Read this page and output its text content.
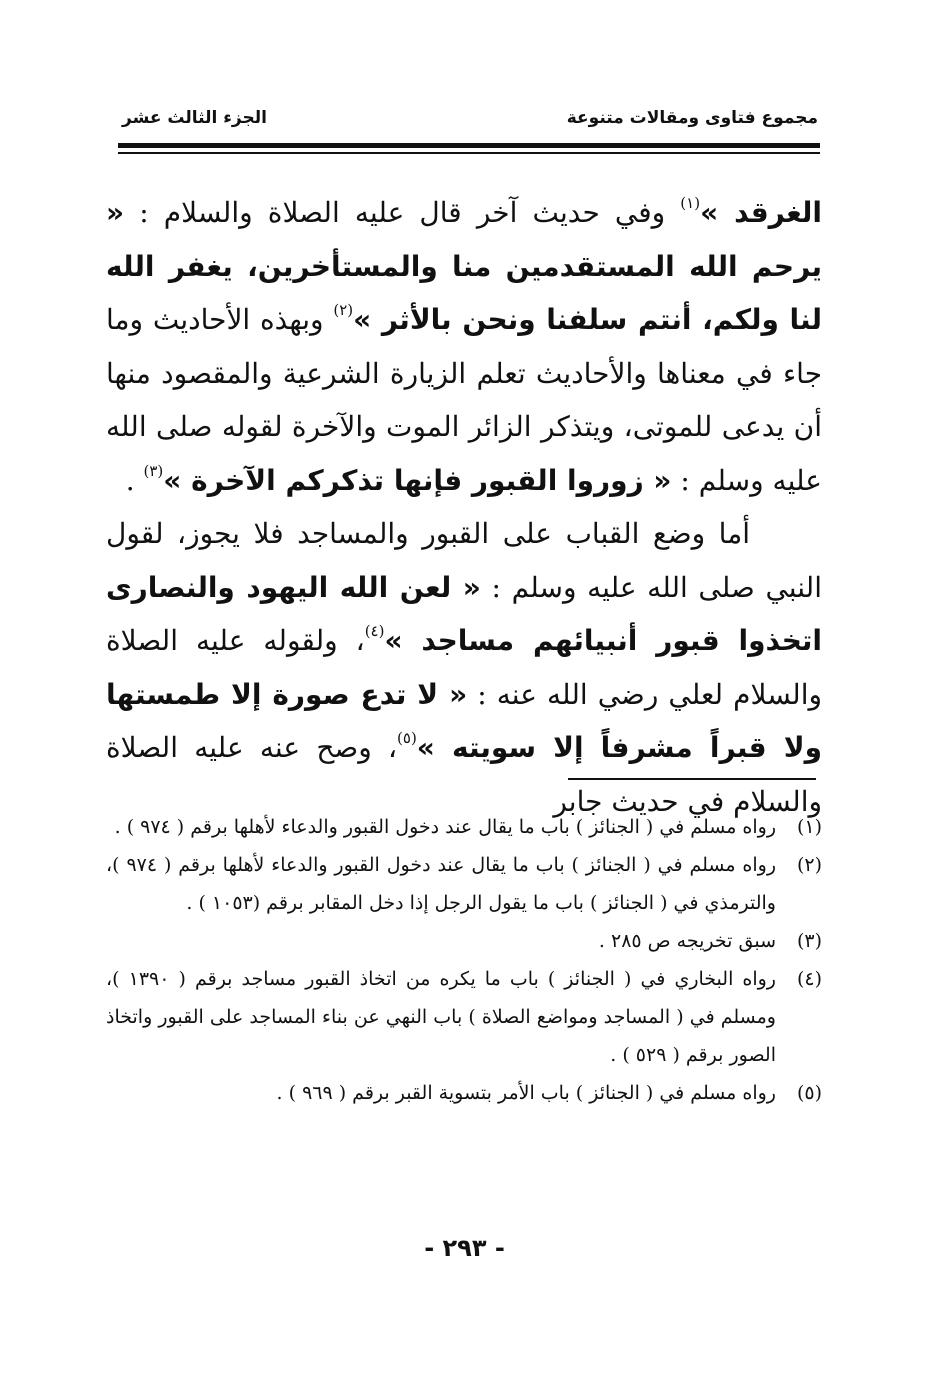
مجموع فتاوى ومقالات متنوعة
الجزء الثالث عشر

الغرقد »$^{(١)}$ وفي حديث آخر قال عليه الصلاة والسلام : « يرحم الله المستقدمين منا والمستأخرين، يغفر الله لنا ولكم، أنتم سلفنا ونحن بالأثر »$^{(٢)}$ وبهذه الأحاديث وما جاء في معناها والأحاديث تعلم الزيارة الشرعية والمقصود منها أن يدعى للموتى، ويتذكر الزائر الموت والآخرة لقوله صلى الله عليه وسلم : « زوروا القبور فإنها تذكركم الآخرة »$^{(٣)}$ .

أما وضع القباب على القبور والمساجد فلا يجوز، لقول النبي صلى الله عليه وسلم : « لعن الله اليهود والنصارى اتخذوا قبور أنبيائهم مساجد »$^{(٤)}$، ولقوله عليه الصلاة والسلام لعلي رضي الله عنه : « لا تدع صورة إلا طمستها ولا قبراً مشرفاً إلا سويته »$^{(٥)}$، وصح عنه عليه الصلاة والسلام في حديث جابر

(١)
رواه مسلم في ( الجنائز ) باب ما يقال عند دخول القبور والدعاء لأهلها برقم ( ٩٧٤ ) .

(٢)
رواه مسلم في ( الجنائز ) باب ما يقال عند دخول القبور والدعاء لأهلها برقم ( ٩٧٤ )، والترمذي في ( الجنائز ) باب ما يقول الرجل إذا دخل المقابر برقم (١٠٥٣ ) .

(٣)
سبق تخريجه ص ٢٨٥ .

(٤)
رواه البخاري في ( الجنائز ) باب ما يكره من اتخاذ القبور مساجد برقم ( ١٣٩٠ )، ومسلم في ( المساجد ومواضع الصلاة ) باب النهي عن بناء المساجد على القبور واتخاذ الصور برقم ( ٥٢٩ ) .

(٥)
رواه مسلم في ( الجنائز ) باب الأمر بتسوية القبر برقم ( ٩٦٩ ) .

- ٢٩٣ -
